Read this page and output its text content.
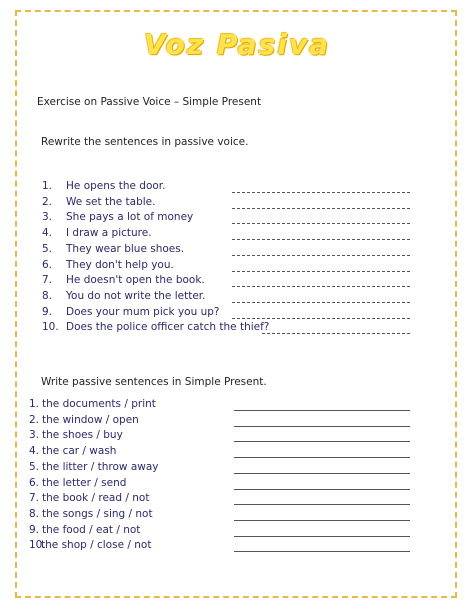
Voz Pasiva
Exercise on Passive Voice – Simple Present
Rewrite the sentences in passive voice.
1. He opens the door.
2. We set the table.
3. She pays a lot of money
4. I draw a picture.
5. They wear blue shoes.
6. They don't help you.
7. He doesn't open the book.
8. You do not write the letter.
9. Does your mum pick you up?
10. Does the police officer catch the thief?
Write passive sentences in Simple Present.
1. the documents / print
2. the window / open
3. the shoes / buy
4. the car / wash
5. the litter / throw away
6. the letter / send
7. the book / read / not
8. the songs / sing / not
9. the food / eat / not
10.the shop / close / not
